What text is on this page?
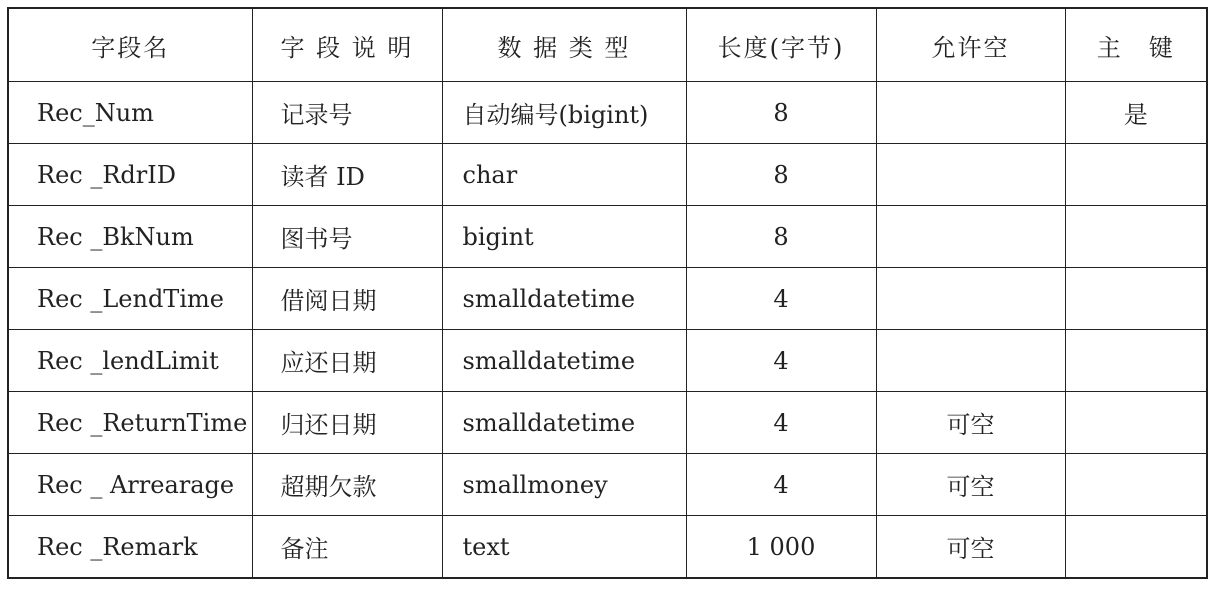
字段名	字 段 说 明	数 据 类 型	长度(字节)	允许空	主　键
Rec_Num	记录号	自动编号(bigint)	8		是
Rec _RdrID	读者 ID	char	8		
Rec _BkNum	图书号	bigint	8		
Rec _LendTime	借阅日期	smalldatetime	4		
Rec _lendLimit	应还日期	smalldatetime	4		
Rec _ReturnTime	归还日期	smalldatetime	4	可空	
Rec _ Arrearage	超期欠款	smallmoney	4	可空	
Rec _Remark	备注	text	1 000	可空	
